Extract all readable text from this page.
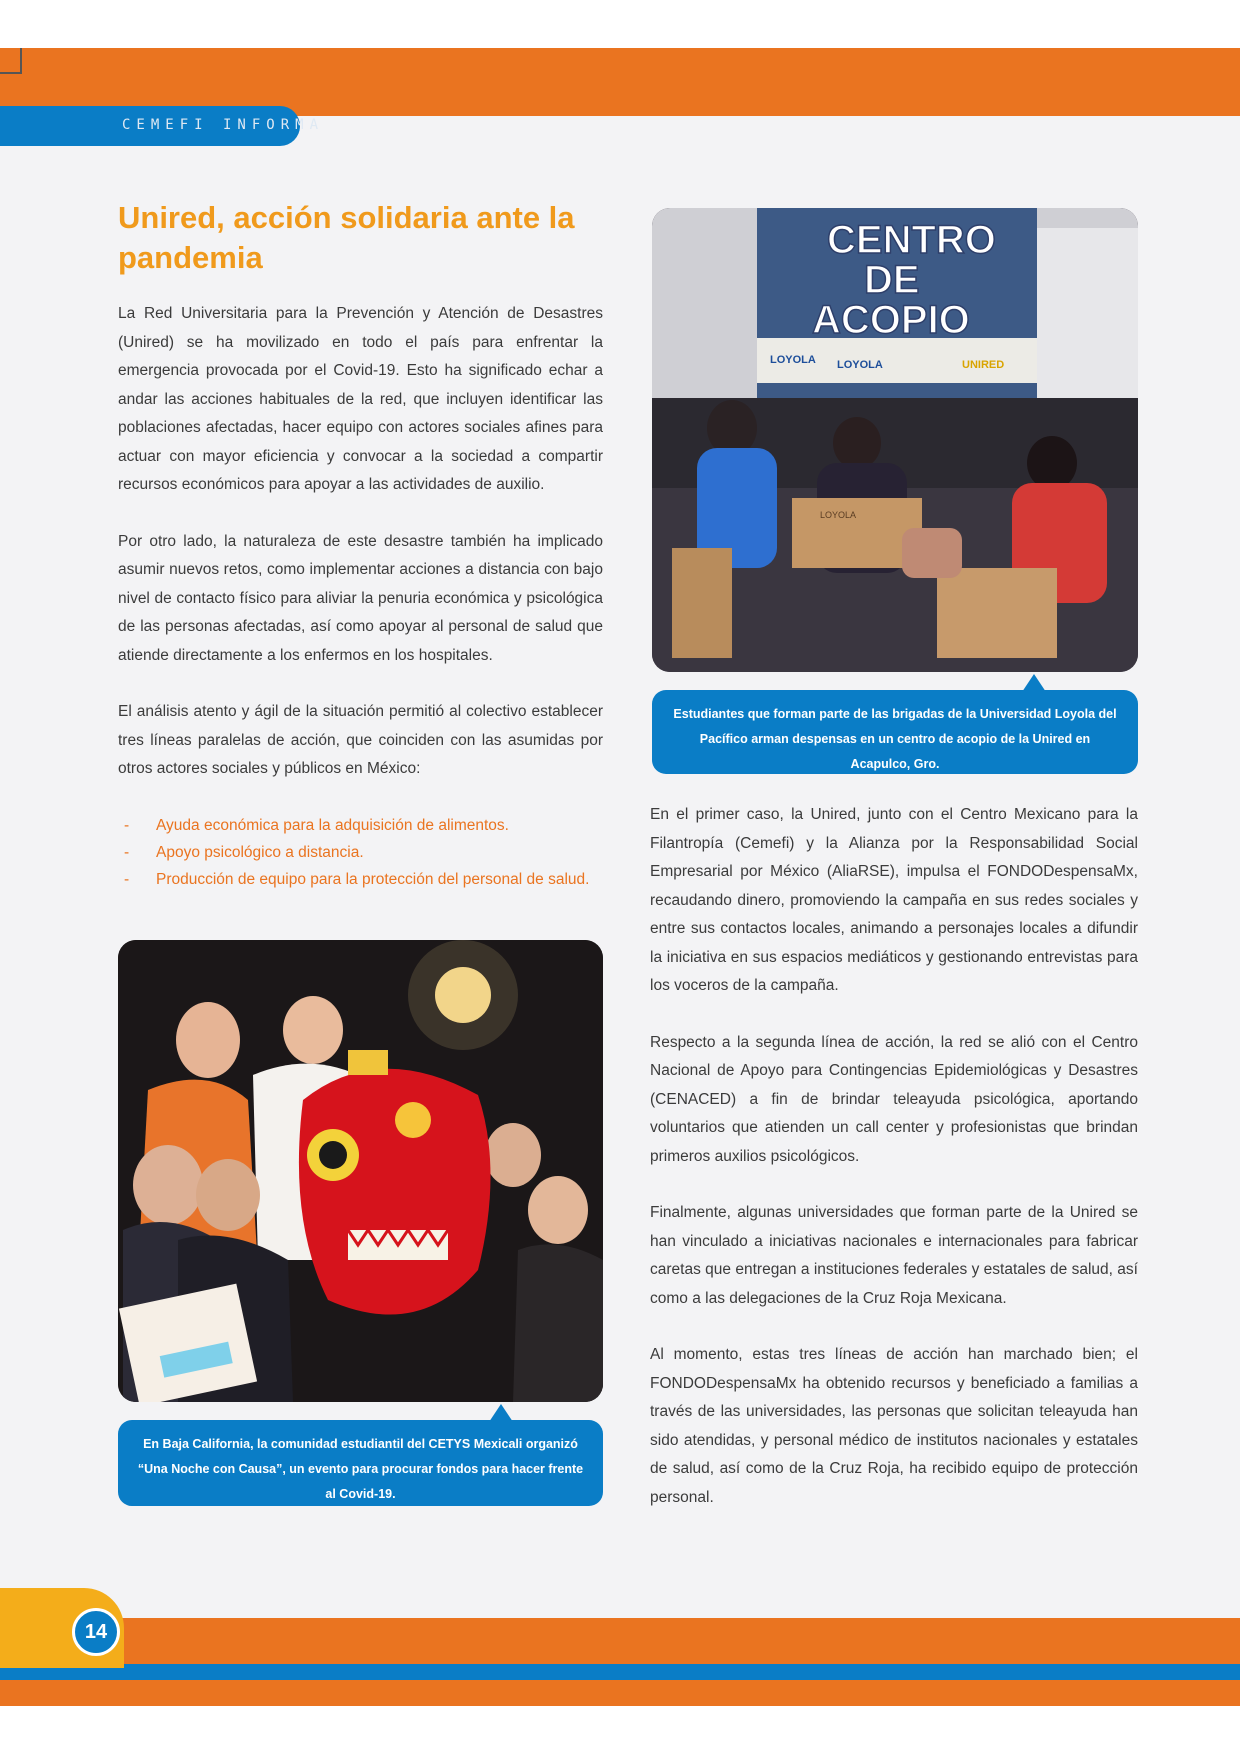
CEMEFI INFORMA
Unired, acción solidaria ante la pandemia

La Red Universitaria para la Prevención y Atención de Desastres (Unired) se ha movilizado en todo el país para enfrentar la emergencia provocada por el Covid-19. Esto ha significado echar a andar las acciones habituales de la red, que incluyen identificar las poblaciones afectadas, hacer equipo con actores sociales afines para actuar con mayor eficiencia y convocar a la sociedad a compartir recursos económicos para apoyar a las actividades de auxilio.

Por otro lado, la naturaleza de este desastre también ha implicado asumir nuevos retos, como implementar acciones a distancia con bajo nivel de contacto físico para aliviar la penuria económica y psicológica de las personas afectadas, así como apoyar al personal de salud que atiende directamente a los enfermos en los hospitales.

El análisis atento y ágil de la situación permitió al colectivo establecer tres líneas paralelas de acción, que coinciden con las asumidas por otros actores sociales y públicos en México:

- Ayuda económica para la adquisición de alimentos.
- Apoyo psicológico a distancia.
- Producción de equipo para la protección del personal de salud.
CENTRO
DE
ACOPIO
LOYOLA LOYOLA	UNIRED
LOYOLA
Estudiantes que forman parte de las brigadas de la Universidad Loyola del Pacífico arman despensas en un centro de acopio de la Unired en Acapulco, Gro.
En Baja California, la comunidad estudiantil del CETYS Mexicali organizó “Una Noche con Causa”, un evento para procurar fondos para hacer frente al Covid-19.

En el primer caso, la Unired, junto con el Centro Mexicano para la Filantropía (Cemefi) y la Alianza por la Responsabilidad Social Empresarial por México (AliaRSE), impulsa el FONDODespensaMx, recaudando dinero, promoviendo la campaña en sus redes sociales y entre sus contactos locales, animando a personajes locales a difundir la iniciativa en sus espacios mediáticos y gestionando entrevistas para los voceros de la campaña.

Respecto a la segunda línea de acción, la red se alió con el Centro Nacional de Apoyo para Contingencias Epidemiológicas y Desastres (CENACED) a fin de brindar teleayuda psicológica, aportando voluntarios que atienden un call center y profesionistas que brindan primeros auxilios psicológicos.

Finalmente, algunas universidades que forman parte de la Unired se han vinculado a iniciativas nacionales e internacionales para fabricar caretas que entregan a instituciones federales y estatales de salud, así como a las delegaciones de la Cruz Roja Mexicana.

Al momento, estas tres líneas de acción han marchado bien; el FONDODespensaMx ha obtenido recursos y beneficiado a familias a través de las universidades, las personas que solicitan teleayuda han sido atendidas, y personal médico de institutos nacionales y estatales de salud, así como de la Cruz Roja, ha recibido equipo de protección personal.

14
